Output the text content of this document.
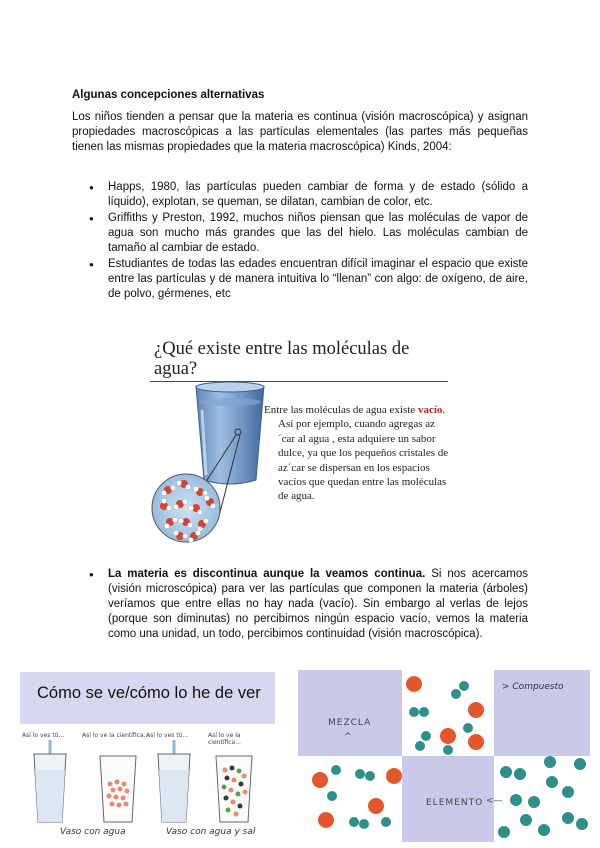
Algunas concepciones alternativas
Los niños tienden a pensar que la materia es continua (visión macroscópica) y asignan propiedades macroscópicas a las partículas elementales (las partes más pequeñas tienen las mismas propiedades que la materia macroscópica) Kinds, 2004:
● Happs, 1980, las partículas pueden cambiar de forma y de estado (sólido a líquido), explotan, se queman, se dilatan, cambian de color, etc.
● Griffiths y Preston, 1992, muchos niños piensan que las moléculas de vapor de agua son mucho más grandes que las del hielo. Las moléculas cambian de tamaño al cambiar de estado.
● Estudiantes de todas las edades encuentran difícil imaginar el espacio que existe entre las partículas y de manera intuitiva lo “llenan” con algo: de oxígeno, de aire, de polvo, gérmenes, etc
¿Qué existe entre las moléculas de agua?
Entre las moléculas de agua existe vacío.

Así por ejemplo, cuando agregas az´car al agua , esta adquiere un sabor dulce, ya que los pequeños cristales de az´car se dispersan en los espacios vacíos que quedan entre las moléculas de agua.
● La materia es discontinua aunque la veamos continua. Si nos acercamos (visión microscópica) para ver las partículas que componen la materia (árboles) veríamos que entre ellas no hay nada (vacío). Sin embargo al verlas de lejos (porque son diminutas) no percibimos ningún espacio vacío, vemos la materia como una unidad, un todo, percibimos continuidad (visión macroscópica).
Cómo se ve/cómo lo he de ver
Así lo ves tú...	Así lo ve la científica...
Así lo ves tú...	Así lo ve la científica...
Vaso con agua	Vaso con agua y sal
> Compuesto
MEZCLA
^
ELEMENTO <—
